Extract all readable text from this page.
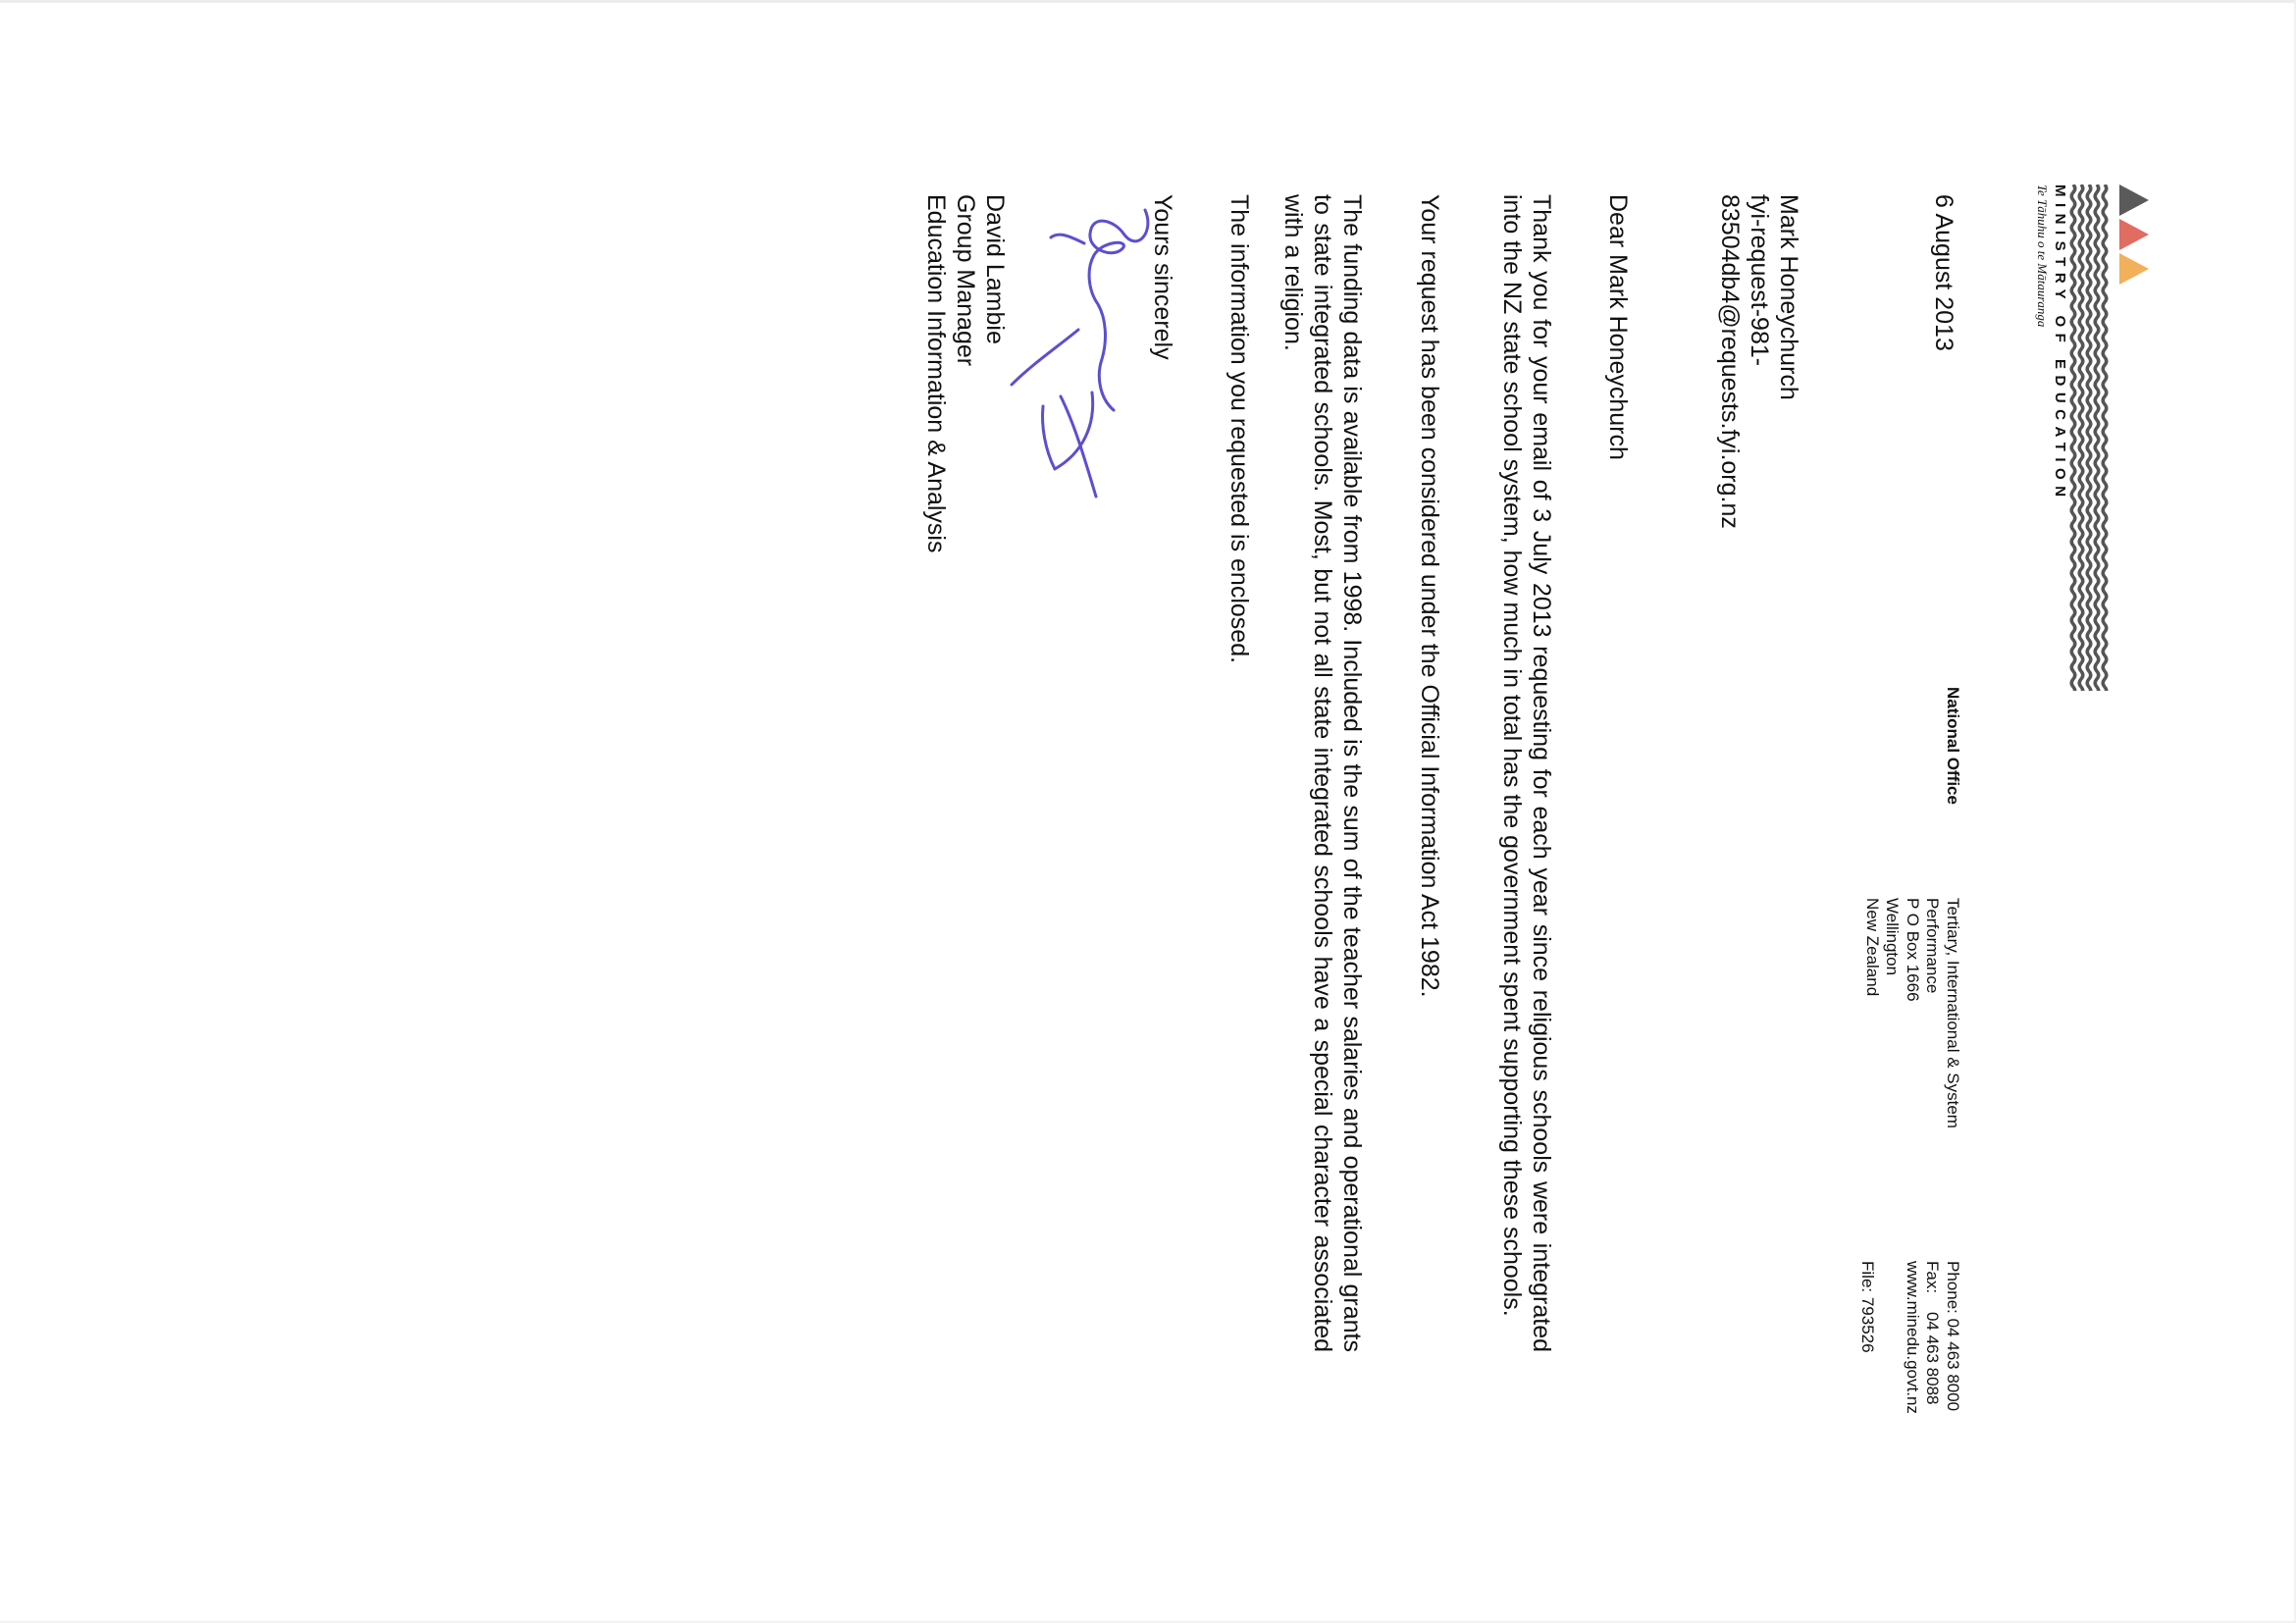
MINISTRY OF EDUCATION
Te Tāhuhu o te Mātauranga
National Office
Tertiary, International & System
Performance
P O Box 1666
Wellington
New Zealand
Phone: 04 463 8000
Fax:    04 463 8088
www.minedu.govt.nz
File: 793526
6 August 2013
Mark Honeychurch
fyi-request-981-
83504db4@requests.fyi.org.nz
Dear Mark Honeychurch

Thank you for your email of 3 July 2013 requesting for each year since religious schools were integrated into the NZ state school system, how much in total has the government spent supporting these schools.

Your request has been considered under the Official Information Act 1982.

The funding data is available from 1998. Included is the sum of the teacher salaries and operational grants to state integrated schools. Most, but not all state integrated schools have a special character associated with a religion.

The information you requested is enclosed.

Yours sincerely
David Lambie
Group Manager
Education Information & Analysis
